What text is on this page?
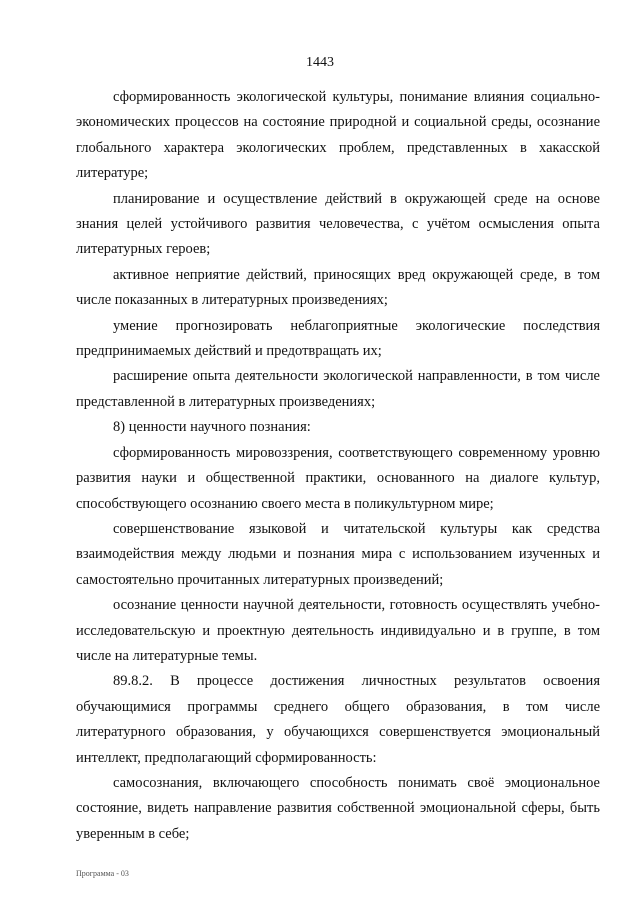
1443

сформированность экологической культуры, понимание влияния социально-экономических процессов на состояние природной и социальной среды, осознание глобального характера экологических проблем, представленных в хакасской литературе;

планирование и осуществление действий в окружающей среде на основе знания целей устойчивого развития человечества, с учётом осмысления опыта литературных героев;

активное неприятие действий, приносящих вред окружающей среде, в том числе показанных в литературных произведениях;

умение прогнозировать неблагоприятные экологические последствия предпринимаемых действий и предотвращать их;

расширение опыта деятельности экологической направленности, в том числе представленной в литературных произведениях;

8) ценности научного познания:

сформированность мировоззрения, соответствующего современному уровню развития науки и общественной практики, основанного на диалоге культур, способствующего осознанию своего места в поликультурном мире;

совершенствование языковой и читательской культуры как средства взаимодействия между людьми и познания мира с использованием изученных и самостоятельно прочитанных литературных произведений;

осознание ценности научной деятельности, готовность осуществлять учебно-исследовательскую и проектную деятельность индивидуально и в группе, в том числе на литературные темы.

89.8.2. В процессе достижения личностных результатов освоения обучающимися программы среднего общего образования, в том числе литературного образования, у обучающихся совершенствуется эмоциональный интеллект, предполагающий сформированность:

самосознания, включающего способность понимать своё эмоциональное состояние, видеть направление развития собственной эмоциональной сферы, быть уверенным в себе;

Программа - 03
